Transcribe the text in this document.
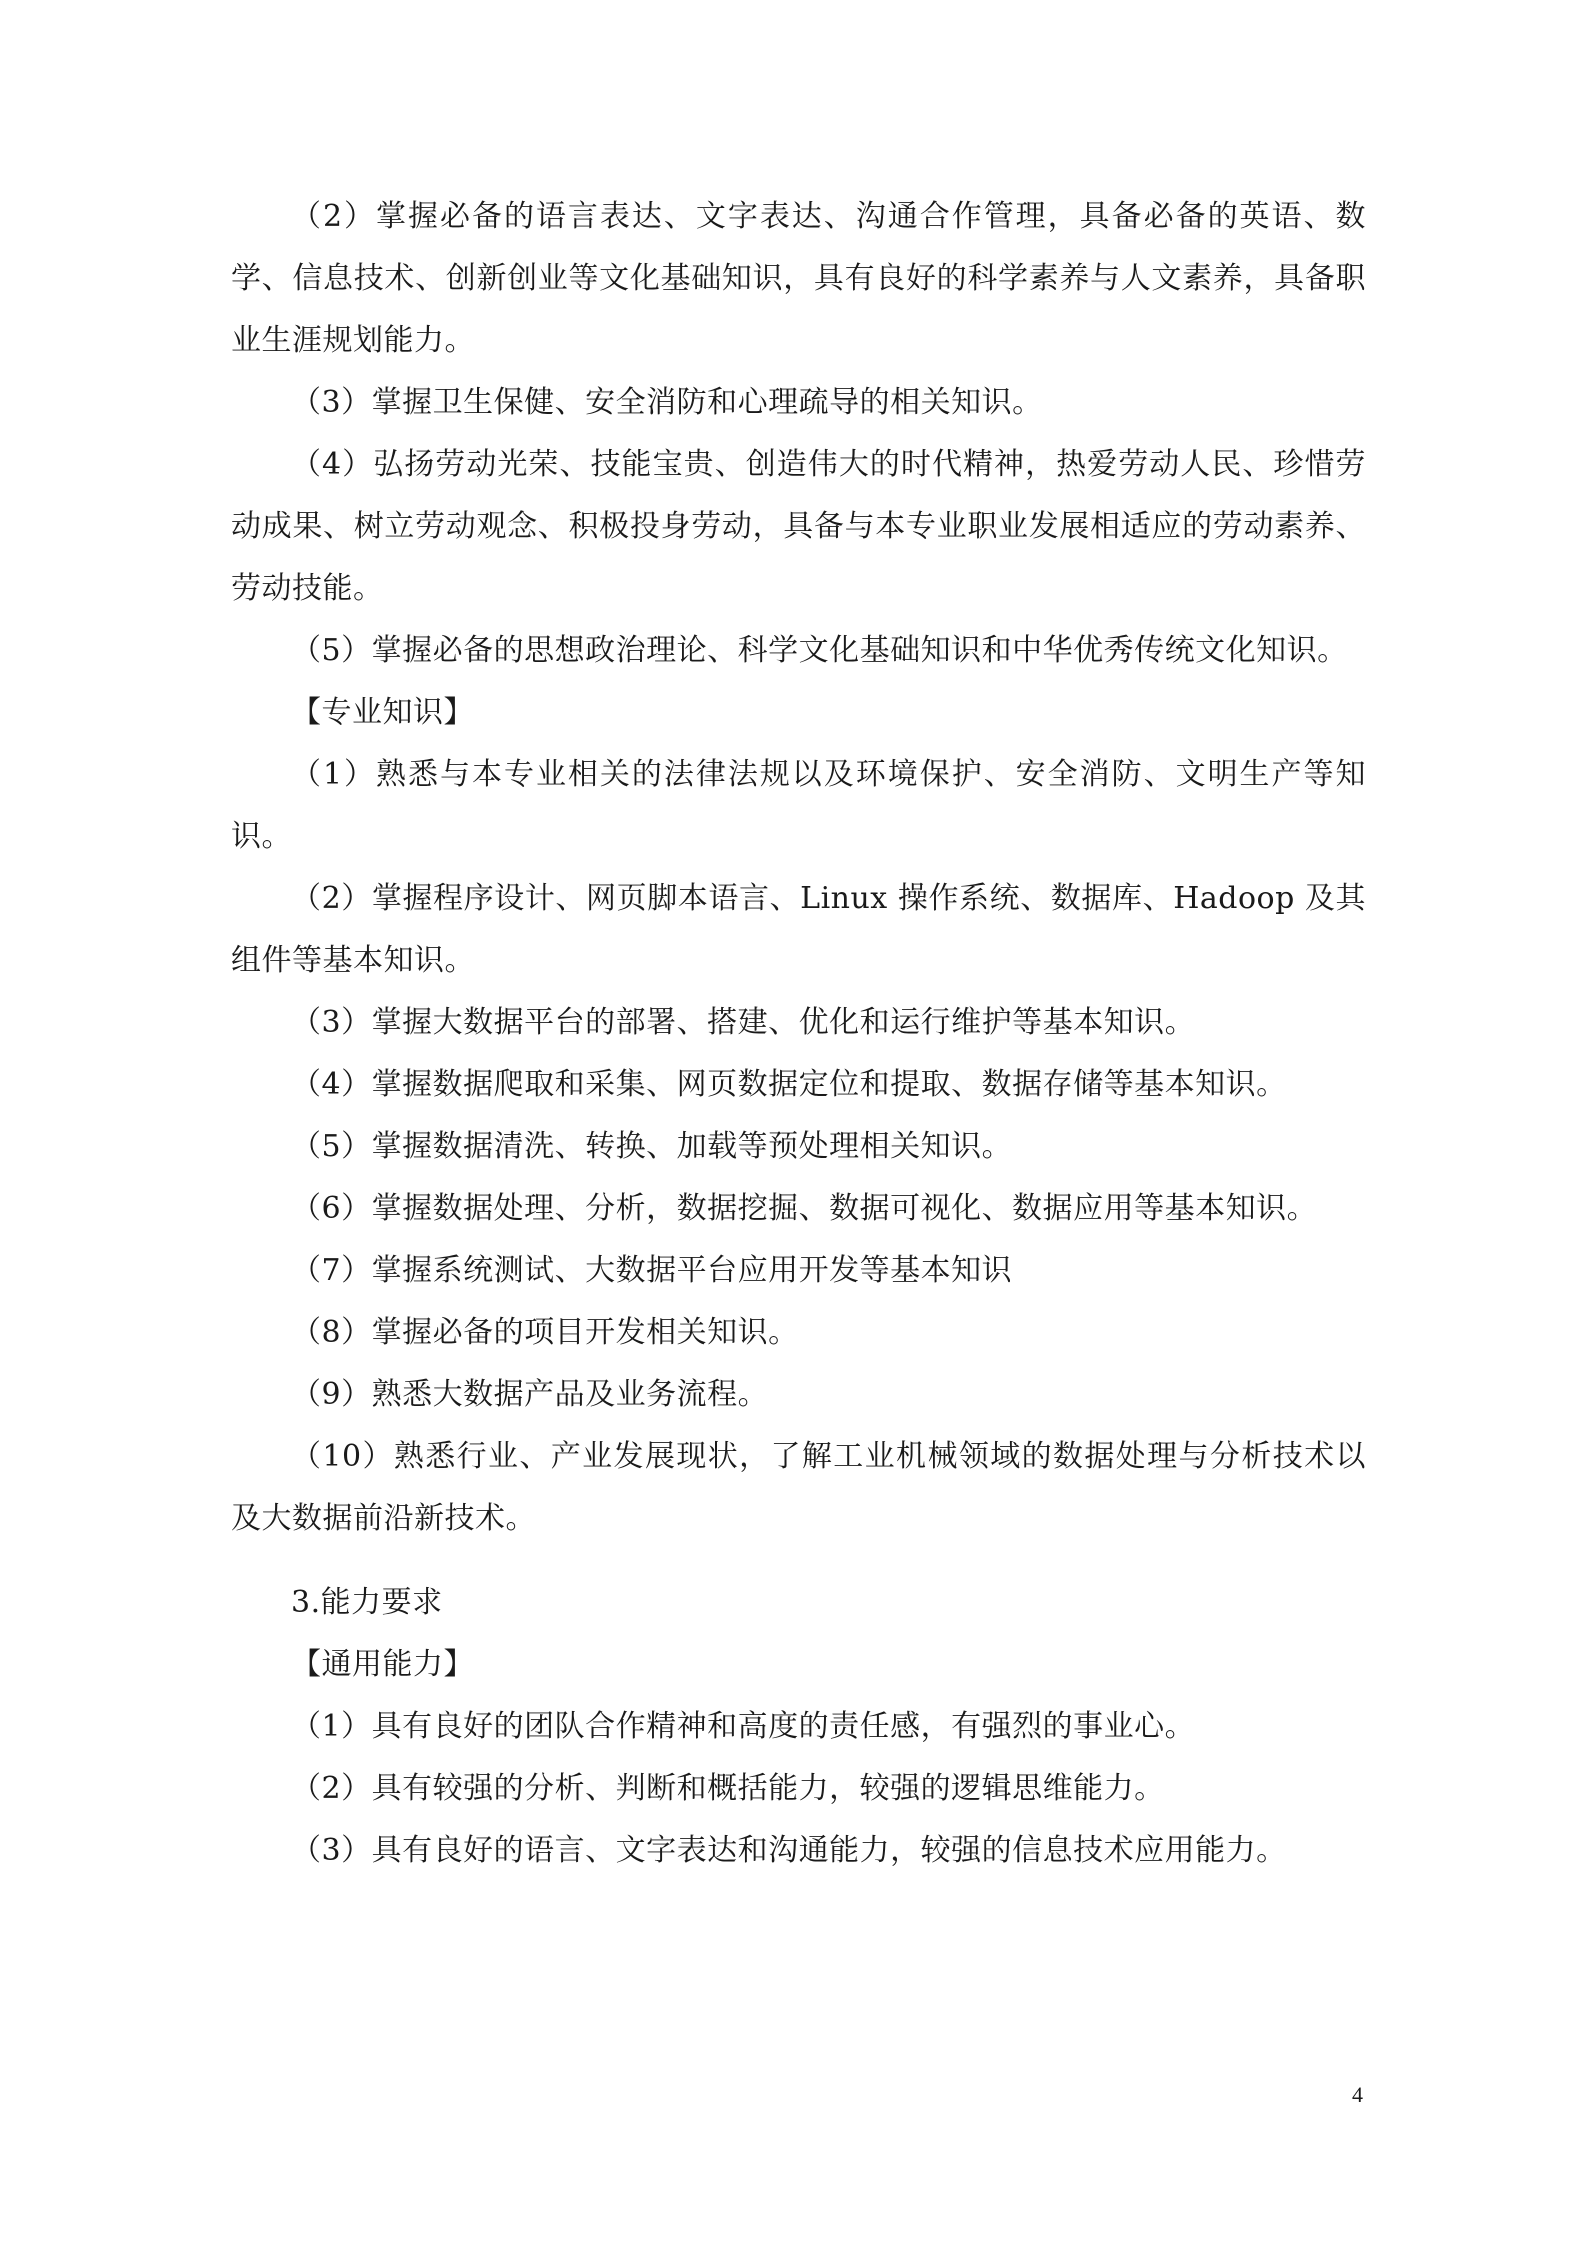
（2）掌握必备的语言表达、文字表达、沟通合作管理，具备必备的英语、数学、信息技术、创新创业等文化基础知识，具有良好的科学素养与人文素养，具备职业生涯规划能力。

（3）掌握卫生保健、安全消防和心理疏导的相关知识。

（4）弘扬劳动光荣、技能宝贵、创造伟大的时代精神，热爱劳动人民、珍惜劳动成果、树立劳动观念、积极投身劳动，具备与本专业职业发展相适应的劳动素养、劳动技能。

（5）掌握必备的思想政治理论、科学文化基础知识和中华优秀传统文化知识。

【专业知识】

（1）熟悉与本专业相关的法律法规以及环境保护、安全消防、文明生产等知识。

（2）掌握程序设计、网页脚本语言、Linux 操作系统、数据库、Hadoop 及其组件等基本知识。

（3）掌握大数据平台的部署、搭建、优化和运行维护等基本知识。

（4）掌握数据爬取和采集、网页数据定位和提取、数据存储等基本知识。

（5）掌握数据清洗、转换、加载等预处理相关知识。

（6）掌握数据处理、分析，数据挖掘、数据可视化、数据应用等基本知识。

（7）掌握系统测试、大数据平台应用开发等基本知识

（8）掌握必备的项目开发相关知识。

（9）熟悉大数据产品及业务流程。

（10）熟悉行业、产业发展现状，了解工业机械领域的数据处理与分析技术以及大数据前沿新技术。

3.能力要求

【通用能力】

（1）具有良好的团队合作精神和高度的责任感，有强烈的事业心。

（2）具有较强的分析、判断和概括能力，较强的逻辑思维能力。

（3）具有良好的语言、文字表达和沟通能力，较强的信息技术应用能力。

4
